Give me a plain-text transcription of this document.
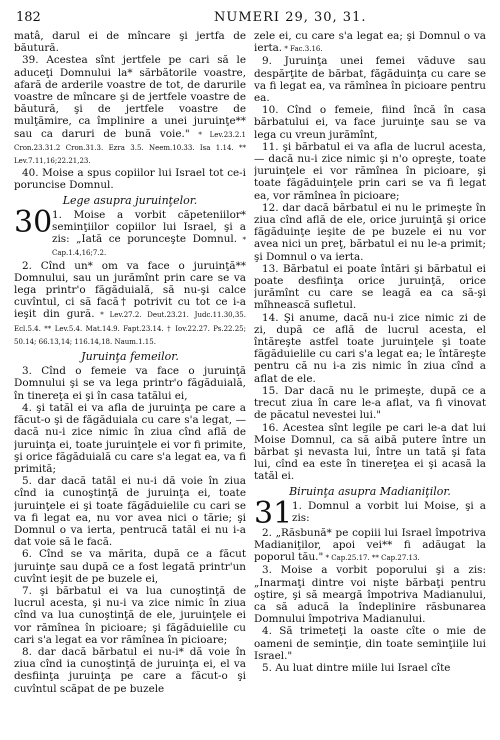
182	NUMERI 29, 30, 31.

matâ, darul ei de mîncare şi jertfa de băutură.

39. Acestea sînt jertfele pe cari să le aduceţi Domnului la* sărbătorile voastre, afară de arderile voastre de tot, de darurile voastre de mîncare şi de jertfele voastre de băutură, şi de jertfele voastre de mulţămire, ca împlinire a unei juruinţe** sau ca daruri de bună voie." * Lev.23.2.1 Cron.23.31.2 Cron.31.3. Ezra 3.5. Neem.10.33. Isa 1.14. ** Lev.7.11,16;22.21,23.

40. Moise a spus copiilor lui Israel tot ce-i poruncise Domnul.

Lege asupra juruinţelor.

30 1. Moise a vorbit căpeteniilor* seminţiilor copiilor lui Israel, şi a zis: „Iată ce porunceşte Domnul. * Cap.1.4,16;7.2.

2. Cînd un* om va face o juruinţă** Domnului, sau un jurămînt prin care se va lega printr'o făgăduială, să nu-şi calce cuvîntul, ci să facă† potrivit cu tot ce i-a ieşit din gură. * Lev.27.2. Deut.23.21. Judc.11.30,35. Ecl.5.4. ** Lev.5.4. Mat.14.9. Fapt.23.14. † Iov.22.27. Ps.22.25; 50.14; 66.13,14; 116.14,18. Naum.1.15.

Juruinţa femeilor.

3. Cînd o femeie va face o juruinţă Domnului şi se va lega printr'o făgăduială, în tinereţa ei şi în casa tatălui ei,

4. şi tatăl ei va afla de juruinţa pe care a făcut-o şi de făgăduiala cu care s'a legat, — dacă nu-i zice nimic în ziua cînd află de juruinţa ei, toate juruinţele ei vor fi primite, şi orice făgăduială cu care s'a legat ea, va fi primită;

5. dar dacă tatăl ei nu-i dă voie în ziua cînd ia cunoştinţă de juruinţa ei, toate juruinţele ei şi toate făgăduielile cu cari se va fi legat ea, nu vor avea nici o tărie; şi Domnul o va ierta, pentrucă tatăl ei nu i-a dat voie să le facă.

6. Cînd se va mărita, după ce a făcut juruinţe sau după ce a fost legată printr'un cuvînt ieşit de pe buzele ei,

7. şi bărbatul ei va lua cunoştinţă de lucrul acesta, şi nu-i va zice nimic în ziua cînd va lua cunoştinţă de ele, juruinţele ei vor rămînea în picioare; şi făgăduielile cu cari s'a legat ea vor rămînea în picioare;

8. dar dacă bărbatul ei nu-i* dă voie în ziua cînd ia cunoştinţă de juruinţa ei, el va desfiinţa juruinţa pe care a făcut-o şi cuvîntul scăpat de pe buzele

zele ei, cu care s'a legat ea; şi Domnul o va ierta. * Fac.3.16.

9. Juruinţa unei femei văduve sau despărţite de bărbat, făgăduinţa cu care se va fi legat ea, va rămînea în picioare pentru ea.

10. Cînd o femeie, fiind încă în casa bărbatului ei, va face juruinţe sau se va lega cu vreun jurămînt,

11. şi bărbatul ei va afla de lucrul acesta, — dacă nu-i zice nimic şi n'o opreşte, toate juruinţele ei vor rămînea în picioare, şi toate făgăduinţele prin cari se va fi legat ea, vor rămînea în picioare;

12. dar dacă bărbatul ei nu le primeşte în ziua cînd află de ele, orice juruinţă şi orice făgăduinţe ieşite de pe buzele ei nu vor avea nici un preţ, bărbatul ei nu le-a primit; şi Domnul o va ierta.

13. Bărbatul ei poate întări şi bărbatul ei poate desfiinţa orice juruinţă, orice jurămînt cu care se leagă ea ca să-şi mîhnească sufletul.

14. Şi anume, dacă nu-i zice nimic zi de zi, după ce află de lucrul acesta, el întăreşte astfel toate juruinţele şi toate făgăduielile cu cari s'a legat ea; le întăreşte pentru că nu i-a zis nimic în ziua cînd a aflat de ele.

15. Dar dacă nu le primeşte, după ce a trecut ziua în care le-a aflat, va fi vinovat de păcatul nevestei lui."

16. Acestea sînt legile pe cari le-a dat lui Moise Domnul, ca să aibă putere între un bărbat şi nevasta lui, între un tată şi fata lui, cînd ea este în tinereţea ei şi acasă la tatăl ei.

Biruinţa asupra Madianiţilor.

31 1. Domnul a vorbit lui Moise, şi a zis:

2. „Răsbună* pe copiii lui Israel împotriva Madianiţilor, apoi vei** fi adăugat la poporul tău." * Cap.25.17. ** Cap.27.13.

3. Moise a vorbit poporului şi a zis: „Inarmaţi dintre voi nişte bărbaţi pentru oştire, şi să meargă împotriva Madianului, ca să aducă la îndeplinire răsbunarea Domnului împotriva Madianului.

4. Să trimeteţi la oaste cîte o mie de oameni de seminţie, din toate seminţiile lui Israel."

5. Au luat dintre miile lui Israel cîte
